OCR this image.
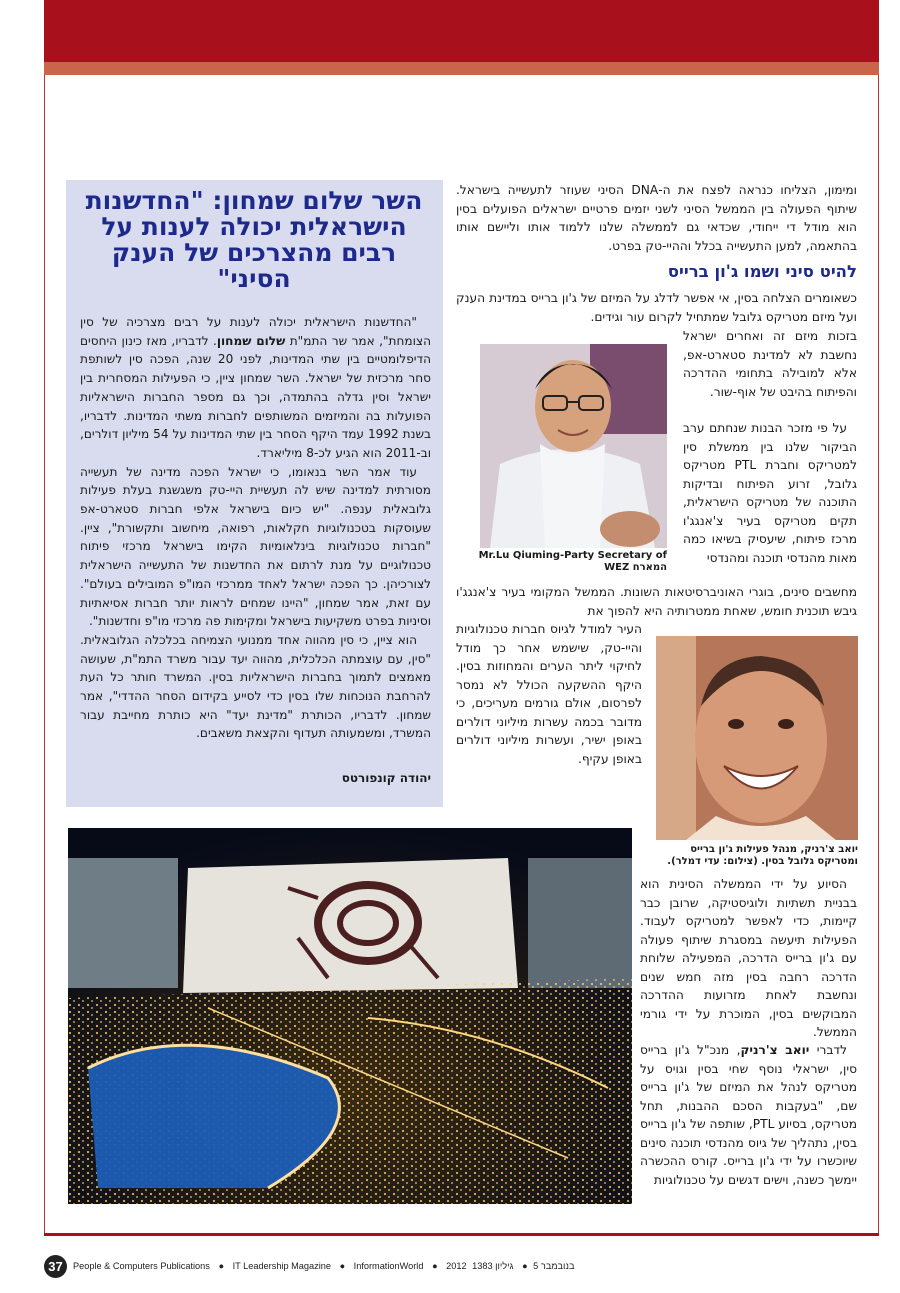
השר שלום שמחון: "החדשנות הישראלית יכולה לענות על רבים מהצרכים של הענק הסיני"

"החדשנות הישראלית יכולה לענות על רבים מצרכיה של סין הצומחת", אמר שר התמ"ת שלום שמחון. לדבריו, מאז כינון היחסים הדיפלומטיים בין שתי המדינות, לפני 20 שנה, הפכה סין לשותפת סחר מרכזית של ישראל. השר שמחון ציין, כי הפעילות המסחרית בין ישראל וסין גדלה בהתמדה, וכך גם מספר החברות הישראליות הפועלות בה והמיזמים המשותפים לחברות משתי המדינות. לדבריו, בשנת 1992 עמד היקף הסחר בין שתי המדינות על 54 מיליון דולרים, וב-2011 הוא הגיע לכ-8 מיליארד.

עוד אמר השר בנאומו, כי ישראל הפכה מדינה של תעשייה מסורתית למדינה שיש לה תעשיית היי-טק משגשגת בעלת פעילות גלובאלית ענפה. "יש כיום בישראל אלפי חברות סטארט-אפ שעוסקות בטכנולוגיות חקלאות, רפואה, מיחשוב ותקשורת", ציין. "חברות טכנולוגיות בינלאומיות הקימו בישראל מרכזי פיתוח טכנולוגיים על מנת לרתום את החדשנות של התעשייה הישראלית לצורכיהן. כך הפכה ישראל לאחד ממרכזי המו"פ המובילים בעולם". עם זאת, אמר שמחון, "היינו שמחים לראות יותר חברות אסיאתיות וסיניות בפרט משקיעות בישראל ומקימות פה מרכזי מו"פ וחדשנות".

הוא ציין, כי סין מהווה אחד ממנועי הצמיחה בכלכלה הגלובאלית. "סין, עם עוצמתה הכלכלית, מהווה יעד עבור משרד התמ"ת, שעושה מאמצים לתמוך בחברות הישראליות בסין. המשרד חותר כל העת להרחבת הנוכחות שלו בסין כדי לסייע בקידום הסחר ההדדי", אמר שמחון. לדבריו, הכותרת "מדינת יעד" היא כותרת מחייבת עבור המשרד, ומשמעותה תעדוף והקצאת משאבים.

יהודה קונפורטס
ומימון, הצליחו כנראה לפצח את ה-DNA הסיני שעוזר לתעשייה בישראל. שיתוף הפעולה בין הממשל הסיני לשני יזמים פרטיים ישראלים הפועלים בסין הוא מודל די ייחודי, שכדאי גם לממשלה שלנו ללמוד אותו וליישם אותו בהתאמה, למען התעשייה בכלל וההיי-טק בפרט.
להיט סיני ושמו ג'ון ברייס
כשאומרים הצלחה בסין, אי אפשר לדלג על המיזם של ג'ון ברייס במדינת הענק ועל מיזם מטריקס גלובל שמתחיל לקרום עור וגידים.
בזכות מיזם זה ואחרים ישראל נחשבת לא למדינת סטארט-אפ, אלא למובילה בתחומי ההדרכה והפיתוח בהיבט של אוף-שור.
על פי מזכר הבנות שנחתם ערב הביקור שלנו בין ממשלת סין למטריקס וחברת PTL מטריקס גלובל, זרוע הפיתוח ובדיקות התוכנה של מטריקס הישראלית, תקים מטריקס בעיר צ'אנגג'ו מרכז פיתוח, שיעסיק בשיאו כמה מאות מהנדסי תוכנה ומהנדסי
מחשבים סינים, בוגרי האוניברסיטאות השונות. הממשל המקומי בעיר צ'אנגג'ו גיבש תוכנית חומש, שאחת ממטרותיה היא להפוך את
העיר למודל לגיוס חברות טכנולוגיות והיי-טק, שישמש אחר כך מודל לחיקוי ליתר הערים והמחוזות בסין. היקף ההשקעה הכולל לא נמסר לפרסום, אולם גורמים מעריכים, כי מדובר בכמה עשרות מיליוני דולרים באופן ישיר, ועשרות מיליוני דולרים באופן עקיף.
הסיוע על ידי הממשלה הסינית הוא בבניית תשתיות ולוגיסטיקה, שרובן כבר קיימות, כדי לאפשר למטריקס לעבוד. הפעילות תיעשה במסגרת שיתוף פעולה עם ג'ון ברייס הדרכה, המפעילה שלוחת הדרכה רחבה בסין מזה חמש שנים ונחשבת לאחת מזרועות ההדרכה המבוקשים בסין, המוכרת על ידי גורמי הממשל.
לדברי יואב צ'רניק, מנכ"ל ג'ון ברייס סין, ישראלי נוסף שחי בסין וגויס על מטריקס לנהל את המיזם של ג'ון ברייס שם, "בעקבות הסכם ההבנות, תחל מטריקס, בסיוע PTL, שותפה של ג'ון ברייס בסין, נתהליך של גיוס מהנדסי תוכנה סינים שיוכשרו על ידי ג'ון ברייס. קורס ההכשרה יימשך כשנה, וישים דגשים על טכנולוגיות
Mr.Lu Qiuming-Party Secretary of המארח WEZ
יואב צ'רניק, מנהל פעילות ג'ון ברייס ומטריקס גלובל בסין. (צילום: עדי דמלר).
37	People & Computers Publications ● IT Leadership Magazine ● InformationWorld ● 2012 בנובמבר 5 ● גיליון 1383
